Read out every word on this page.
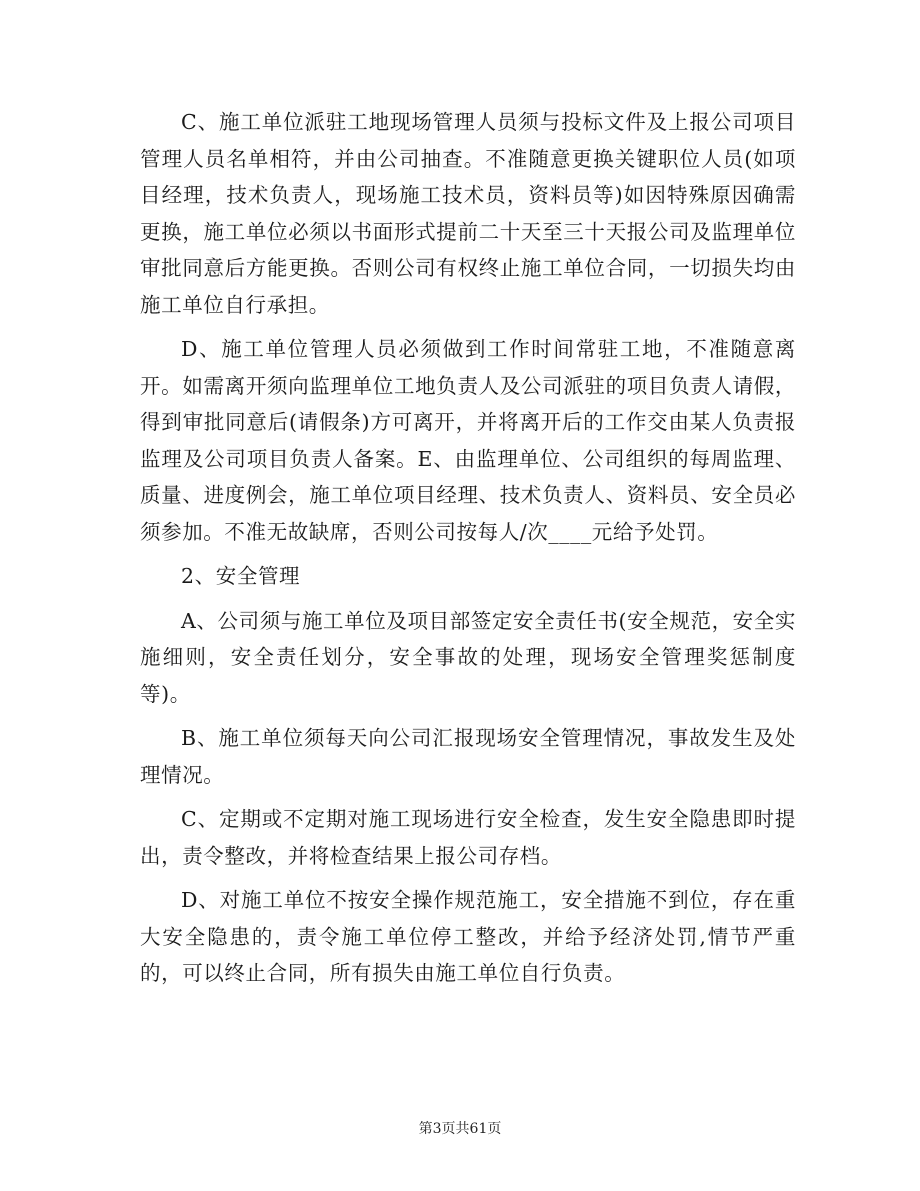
C、施工单位派驻工地现场管理人员须与投标文件及上报公司项目管理人员名单相符，并由公司抽查。不准随意更换关键职位人员(如项目经理，技术负责人，现场施工技术员，资料员等)如因特殊原因确需更换，施工单位必须以书面形式提前二十天至三十天报公司及监理单位审批同意后方能更换。否则公司有权终止施工单位合同，一切损失均由施工单位自行承担。

D、施工单位管理人员必须做到工作时间常驻工地，不准随意离开。如需离开须向监理单位工地负责人及公司派驻的项目负责人请假，得到审批同意后(请假条)方可离开，并将离开后的工作交由某人负责报监理及公司项目负责人备案。E、由监理单位、公司组织的每周监理、质量、进度例会，施工单位项目经理、技术负责人、资料员、安全员必须参加。不准无故缺席，否则公司按每人/次____元给予处罚。

2、安全管理

A、公司须与施工单位及项目部签定安全责任书(安全规范，安全实施细则，安全责任划分，安全事故的处理，现场安全管理奖惩制度等)。

B、施工单位须每天向公司汇报现场安全管理情况，事故发生及处理情况。

C、定期或不定期对施工现场进行安全检查，发生安全隐患即时提出，责令整改，并将检查结果上报公司存档。

D、对施工单位不按安全操作规范施工，安全措施不到位，存在重大安全隐患的，责令施工单位停工整改，并给予经济处罚,情节严重的，可以终止合同，所有损失由施工单位自行负责。

第3页共61页
